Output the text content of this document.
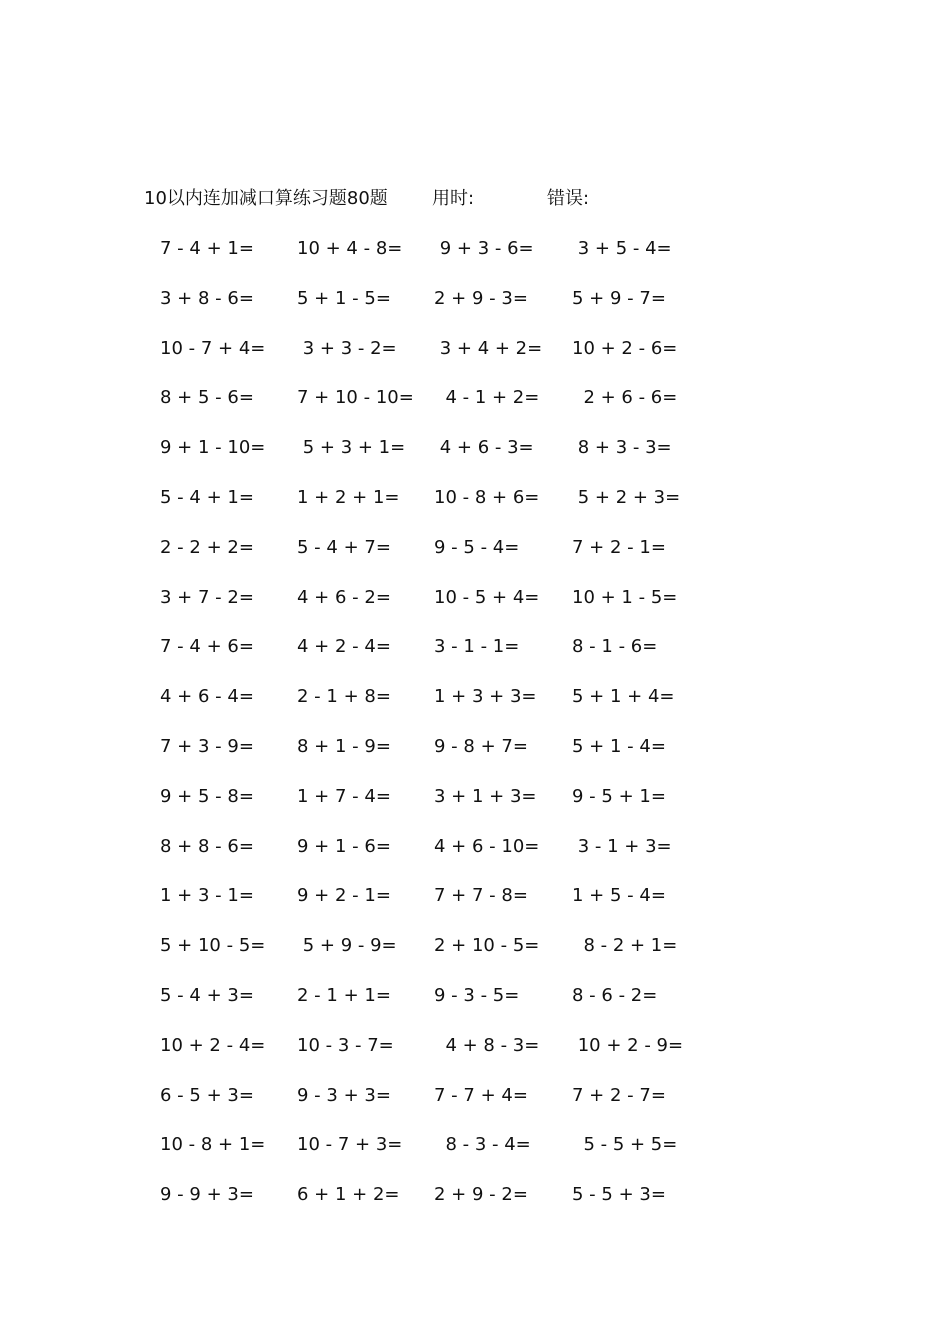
10以内连加减口算练习题80题 用时:	错误:
7 - 4 + 1= 10 + 4 - 8= 9 + 3 - 6= 3 + 5 - 4=
3 + 8 - 6= 5 + 1 - 5= 2 + 9 - 3= 5 + 9 - 7=
10 - 7 + 4= 3 + 3 - 2= 3 + 4 + 2= 10 + 2 - 6=
8 + 5 - 6= 7 + 10 - 10= 4 - 1 + 2= 2 + 6 - 6=
9 + 1 - 10= 5 + 3 + 1= 4 + 6 - 3= 8 + 3 - 3=
5 - 4 + 1= 1 + 2 + 1= 10 - 8 + 6= 5 + 2 + 3=
2 - 2 + 2= 5 - 4 + 7= 9 - 5 - 4=	7 + 2 - 1=
3 + 7 - 2= 4 + 6 - 2= 10 - 5 + 4= 10 + 1 - 5=
7 - 4 + 6= 4 + 2 - 4= 3 - 1 - 1=	8 - 1 - 6=
4 + 6 - 4= 2 - 1 + 8= 1 + 3 + 3= 5 + 1 + 4=
7 + 3 - 9= 8 + 1 - 9= 9 - 8 + 7= 5 + 1 - 4=
9 + 5 - 8= 1 + 7 - 4= 3 + 1 + 3= 9 - 5 + 1=
8 + 8 - 6= 9 + 1 - 6= 4 + 6 - 10= 3 - 1 + 3=
1 + 3 - 1= 9 + 2 - 1= 7 + 7 - 8= 1 + 5 - 4=
5 + 10 - 5= 5 + 9 - 9= 2 + 10 - 5= 8 - 2 + 1=
5 - 4 + 3= 2 - 1 + 1= 9 - 3 - 5=	8 - 6 - 2=
10 + 2 - 4= 10 - 3 - 7= 4 + 8 - 3= 10 + 2 - 9=
6 - 5 + 3= 9 - 3 + 3= 7 - 7 + 4= 7 + 2 - 7=
10 - 8 + 1= 10 - 7 + 3= 8 - 3 - 4= 5 - 5 + 5=
9 - 9 + 3= 6 + 1 + 2= 2 + 9 - 2= 5 - 5 + 3=
